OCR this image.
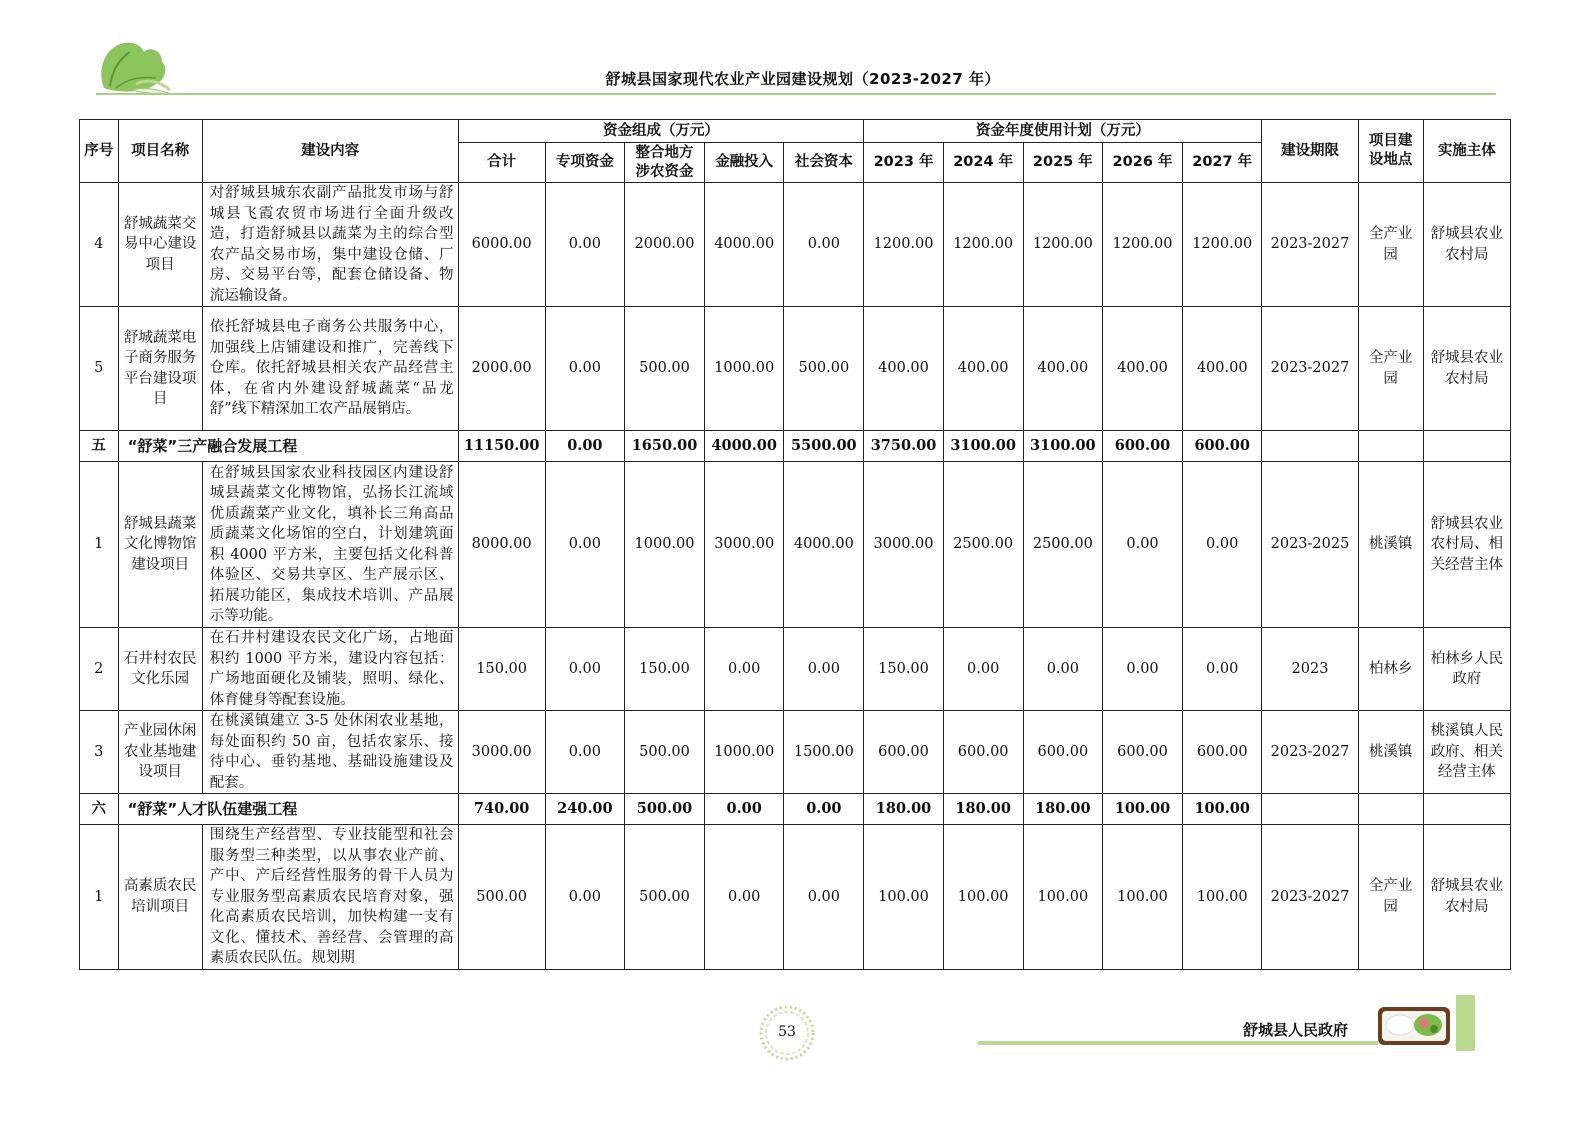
舒城县国家现代农业产业园建设规划（2023-2027 年）
序号	项目名称	建设内容	资金组成（万元）					资金年度使用计划（万元）					建设期限	项目建设地点	实施主体
			合计	专项资金	整合地方涉农资金	金融投入	社会资本	2023 年	2024 年	2025 年	2026 年	2027 年			
4	舒城蔬菜交易中心建设项目	对舒城县城东农副产品批发市场与舒城县飞霞农贸市场进行全面升级改造，打造舒城县以蔬菜为主的综合型农产品交易市场，集中建设仓储、厂房、交易平台等，配套仓储设备、物流运输设备。	6000.00	0.00	2000.00	4000.00	0.00	1200.00	1200.00	1200.00	1200.00	1200.00	2023-2027	全产业园	舒城县农业农村局
5	舒城蔬菜电子商务服务平台建设项目	依托舒城县电子商务公共服务中心，加强线上店铺建设和推广，完善线下仓库。依托舒城县相关农产品经营主体，在省内外建设舒城蔬菜“品龙舒”线下精深加工农产品展销店。	2000.00	0.00	500.00	1000.00	500.00	400.00	400.00	400.00	400.00	400.00	2023-2027	全产业园	舒城县农业农村局
五	“舒菜”三产融合发展工程		11150.00	0.00	1650.00	4000.00	5500.00	3750.00	3100.00	3100.00	600.00	600.00			
1	舒城县蔬菜文化博物馆建设项目	在舒城县国家农业科技园区内建设舒城县蔬菜文化博物馆，弘扬长江流域优质蔬菜产业文化，填补长三角高品质蔬菜文化场馆的空白，计划建筑面积 4000 平方米，主要包括文化科普体验区、交易共享区、生产展示区、拓展功能区，集成技术培训、产品展示等功能。	8000.00	0.00	1000.00	3000.00	4000.00	3000.00	2500.00	2500.00	0.00	0.00	2023-2025	桃溪镇	舒城县农业农村局、相关经营主体
2	石井村农民文化乐园	在石井村建设农民文化广场，占地面积约 1000 平方米，建设内容包括：广场地面硬化及铺装，照明、绿化、体育健身等配套设施。	150.00	0.00	150.00	0.00	0.00	150.00	0.00	0.00	0.00	0.00	2023	柏林乡	柏林乡人民政府
3	产业园休闲农业基地建设项目	在桃溪镇建立 3-5 处休闲农业基地，每处面积约 50 亩，包括农家乐、接待中心、垂钓基地、基础设施建设及配套。	3000.00	0.00	500.00	1000.00	1500.00	600.00	600.00	600.00	600.00	600.00	2023-2027	桃溪镇	桃溪镇人民政府、相关经营主体
六	“舒菜”人才队伍建强工程		740.00	240.00	500.00	0.00	0.00	180.00	180.00	180.00	100.00	100.00			
1	高素质农民培训项目	围绕生产经营型、专业技能型和社会服务型三种类型，以从事农业产前、产中、产后经营性服务的骨干人员为专业服务型高素质农民培育对象，强化高素质农民培训，加快构建一支有文化、懂技术、善经营、会管理的高素质农民队伍。规划期	500.00	0.00	500.00	0.00	0.00	100.00	100.00	100.00	100.00	100.00	2023-2027	全产业园	舒城县农业农村局
53	舒城县人民政府
